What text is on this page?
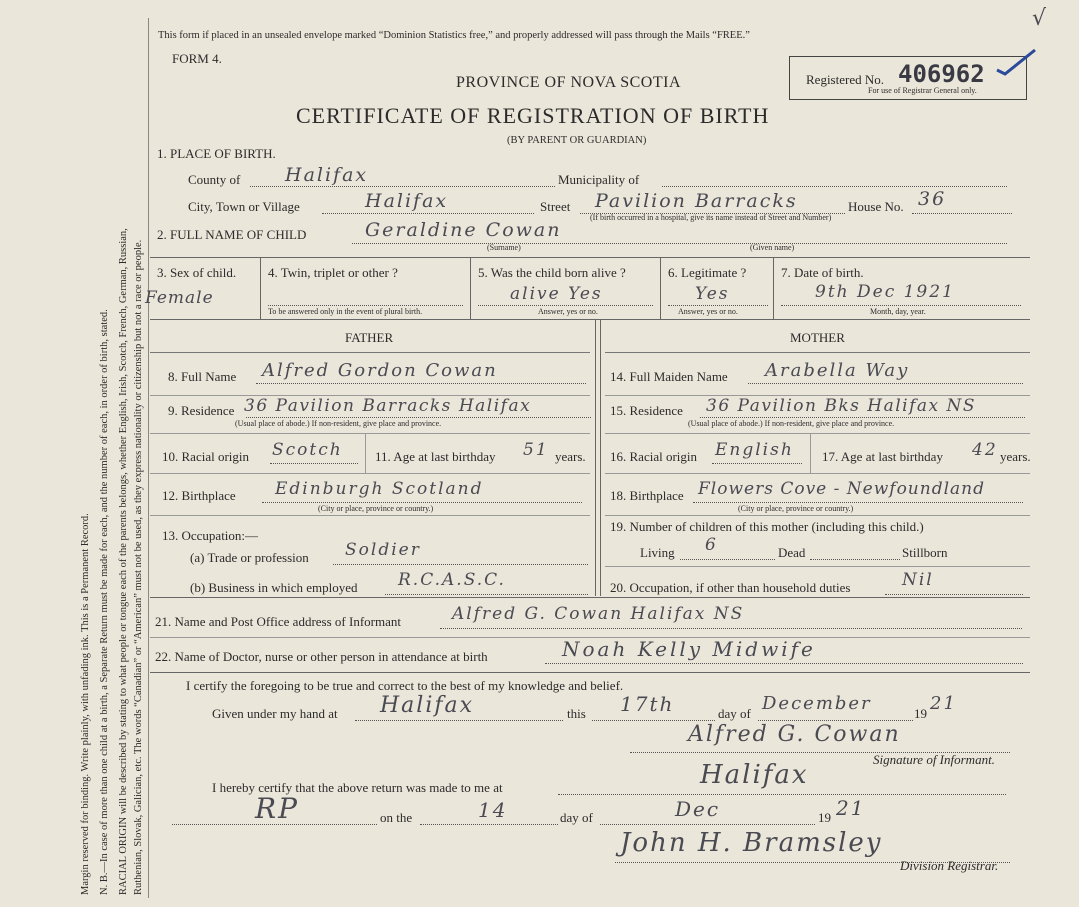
Margin reserved for binding. Write plainly, with unfading ink. This is a Permanent Record. N. B.—In case of more than one child at a birth, a Separate Return must be made for each, and the number of each, in order of birth, stated. RACIAL ORIGIN will be described by stating to what people or tongue each of the parents belongs, whether English, Irish, Scotch, French, German, Russian, Ruthenian, Slovak, Galician, etc. The words “Canadian” or “American” must not be used, as they express nationality or citizenship but not a race or people.
This form if placed in an unsealed envelope marked “Dominion Statistics free,” and properly addressed will pass through the Mails “FREE.”
FORM 4.
PROVINCE OF NOVA SCOTIA
CERTIFICATE OF REGISTRATION OF BIRTH
(BY PARENT OR GUARDIAN)
Registered No. 406962
For use of Registrar General only.
√
1. PLACE OF BIRTH.
County of Halifax	Municipality of
City, Town or Village	Halifax	Street Pavilion Barracks
(If birth occurred in a hospital, give its name instead of Street and Number)
House No. 36
2. FULL NAME OF CHILD	Geraldine Cowan
(Surname)	(Given name)
3. Sex of child.
Female
4. Twin, triplet or other ?
To be answered only in the event of plural birth.
5. Was the child born alive ?
alive Yes
Answer, yes or no.
6. Legitimate ?
Yes
Answer, yes or no.
7. Date of birth.
9th Dec 1921
Month, day, year.
FATHER	MOTHER
8. Full Name Alfred Gordon Cowan	14. Full Maiden Name Arabella Way
9. Residence 36 Pavilion Barracks Halifax
(Usual place of abode.) If non-resident, give place and province.
15. Residence 36 Pavilion Bks Halifax NS
(Usual place of abode.) If non-resident, give place and province.
10. Racial origin Scotch 11. Age at last birthday 51 years. 16. Racial origin English 17. Age at last birthday 42 years.
12. Birthplace Edinburgh Scotland
(City or place, province or country.)
18. Birthplace Flowers Cove - Newfoundland
(City or place, province or country.)
13. Occupation:—
(a) Trade or profession Soldier
(b) Business in which employed R.C.A.S.C.
19. Number of children of this mother (including this child.)
Living 6	Dead	Stillborn
20. Occupation, if other than household duties	Nil
21. Name and Post Office address of Informant	Alfred G. Cowan Halifax NS
22. Name of Doctor, nurse or other person in attendance at birth	Noah Kelly Midwife
I certify the foregoing to be true and correct to the best of my knowledge and belief.
Given under my hand at Halifax	this 17th	day of December	19 21
Alfred G. Cowan
Signature of Informant.
I hereby certify that the above return was made to me at	Halifax
RP	on the	14	day of	Dec	19 21
John H. Bramsley
Division Registrar.
